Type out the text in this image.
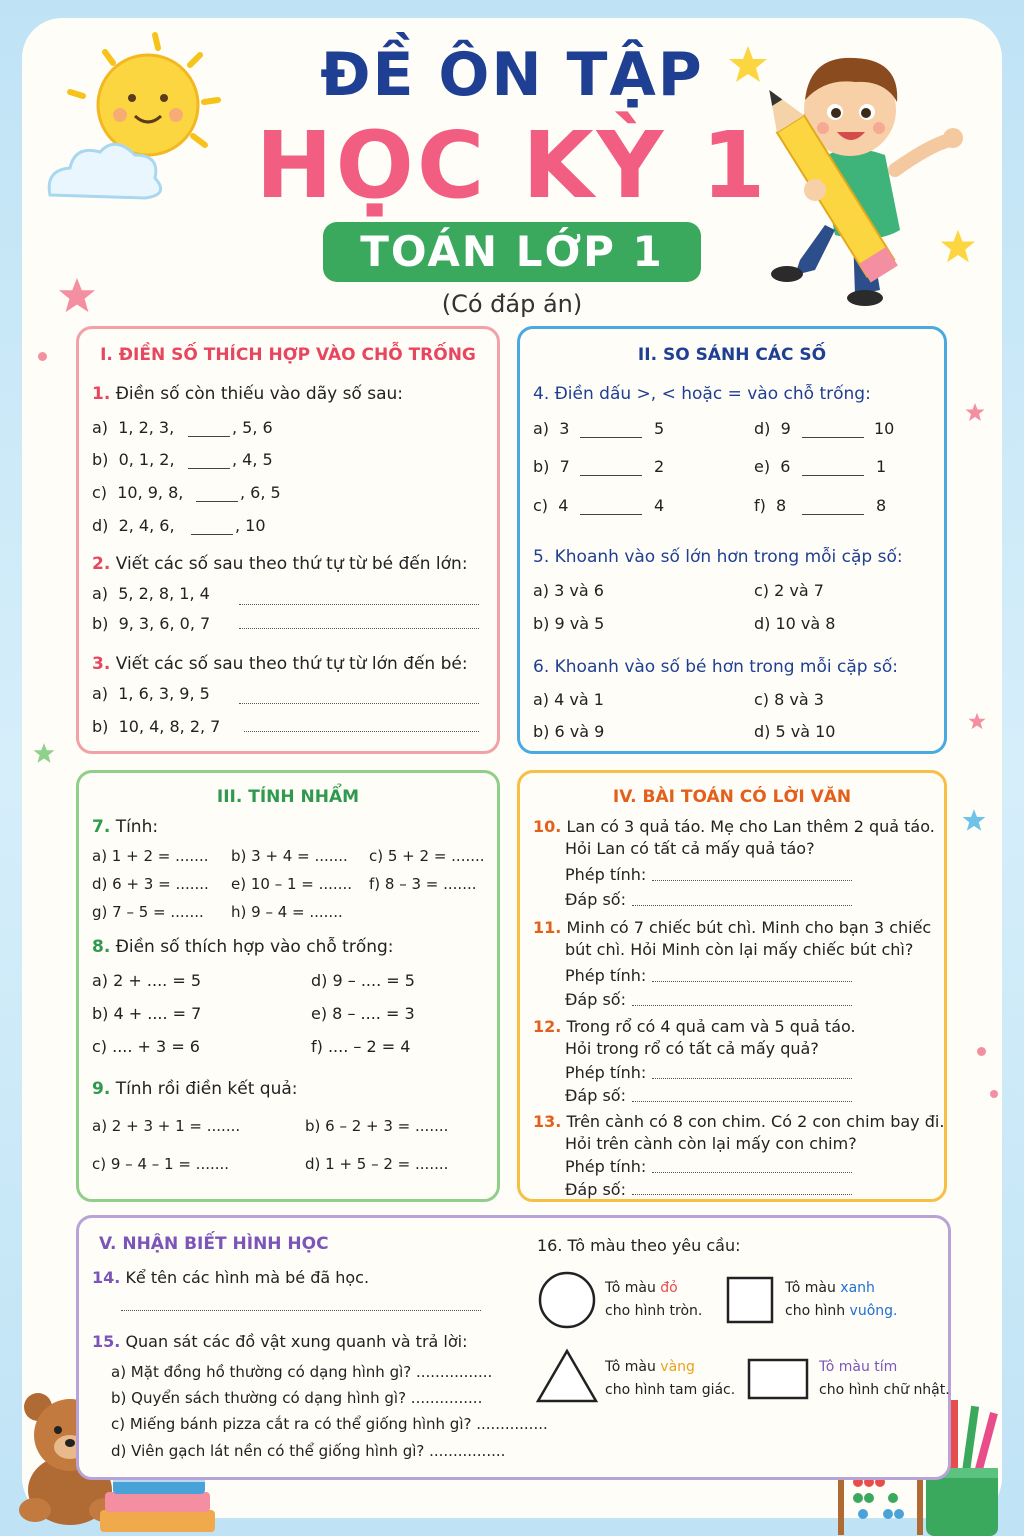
ĐỀ ÔN TẬP
HỌC KỲ 1
TOÁN LỚP 1
(Có đáp án)
I. ĐIỀN SỐ THÍCH HỢP VÀO CHỖ TRỐNG
1. Điền số còn thiếu vào dãy số sau:
a) 1, 2, 3,	, 5, 6
b) 0, 1, 2,	, 4, 5
c) 10, 9, 8,	, 6, 5
d) 2, 4, 6,	, 10
2. Viết các số sau theo thứ tự từ bé đến lớn:
a) 5, 2, 8, 1, 4
b) 9, 3, 6, 0, 7
3. Viết các số sau theo thứ tự từ lớn đến bé:
a) 1, 6, 3, 9, 5
b) 10, 4, 8, 2, 7
II. SO SÁNH CÁC SỐ
4. Điền dấu >, < hoặc = vào chỗ trống:
a) 3	5
b) 7	2
c) 4	4
d) 9	10
e) 6	1
f) 8	8
5. Khoanh vào số lớn hơn trong mỗi cặp số:
a) 3 và 6
b) 9 và 5
c) 2 và 7
d) 10 và 8
6. Khoanh vào số bé hơn trong mỗi cặp số:
a) 4 và 1
b) 6 và 9
c) 8 và 3
d) 5 và 10
III. TÍNH NHẨM
7. Tính:
a) 1 + 2 = ....... b) 3 + 4 = ....... c) 5 + 2 = .......
d) 6 + 3 = ....... e) 10 – 1 = ....... f) 8 – 3 = .......
g) 7 – 5 = ....... h) 9 – 4 = .......
8. Điền số thích hợp vào chỗ trống:
a) 2 + .... = 5
b) 4 + .... = 7
c) .... + 3 = 6
d) 9 – .... = 5
e) 8 – .... = 3
f) .... – 2 = 4
9. Tính rồi điền kết quả:
a) 2 + 3 + 1 = .......	b) 6 – 2 + 3 = .......
c) 9 – 4 – 1 = .......	d) 1 + 5 – 2 = .......
IV. BÀI TOÁN CÓ LỜI VĂN
10. Lan có 3 quả táo. Mẹ cho Lan thêm 2 quả táo.
Hỏi Lan có tất cả mấy quả táo?
Phép tính:
Đáp số:
11. Minh có 7 chiếc bút chì. Minh cho bạn 3 chiếc
bút chì. Hỏi Minh còn lại mấy chiếc bút chì?
Phép tính:
Đáp số:
12. Trong rổ có 4 quả cam và 5 quả táo.
Hỏi trong rổ có tất cả mấy quả?
Phép tính:
Đáp số:
13. Trên cành có 8 con chim. Có 2 con chim bay đi.
Hỏi trên cành còn lại mấy con chim?
Phép tính:
Đáp số:
V. NHẬN BIẾT HÌNH HỌC
14. Kể tên các hình mà bé đã học.
15. Quan sát các đồ vật xung quanh và trả lời:
a) Mặt đồng hồ thường có dạng hình gì? ................
b) Quyển sách thường có dạng hình gì? ...............
c) Miếng bánh pizza cắt ra có thể giống hình gì? ...............
d) Viên gạch lát nền có thể giống hình gì? ................
16. Tô màu theo yêu cầu:
Tô màu đỏ
cho hình tròn.
Tô màu xanh
cho hình vuông.
Tô màu vàng
cho hình tam giác.
Tô màu tím
cho hình chữ nhật.
